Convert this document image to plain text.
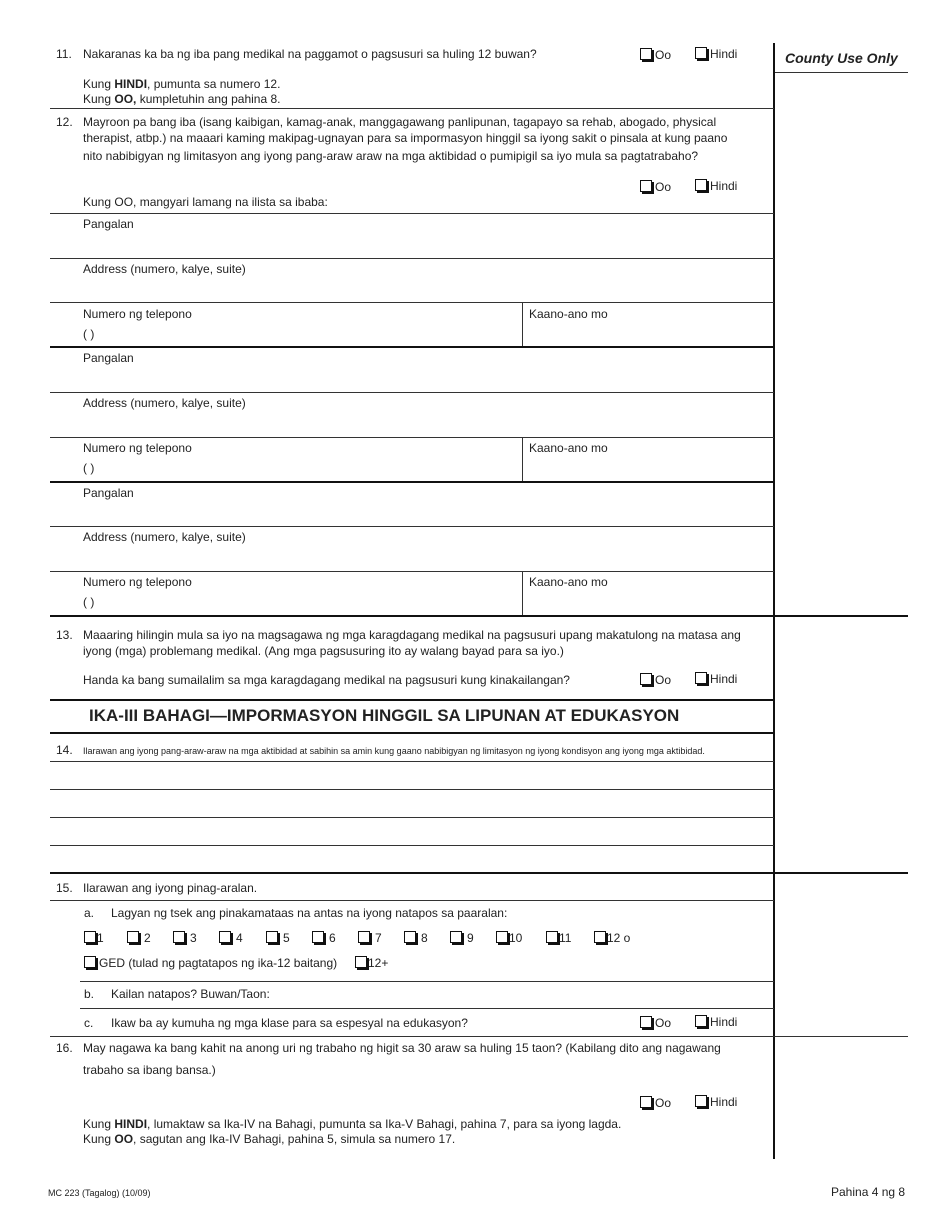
County Use Only
11. Nakaranas ka ba ng iba pang medikal na paggamot o pagsusuri sa huling 12 buwan?	Oo	Hindi
Kung HINDI, pumunta sa numero 12.
Kung OO, kumpletuhin ang pahina 8.
12. Mayroon pa bang iba (isang kaibigan, kamag-anak, manggagawang panlipunan, tagapayo sa rehab, abogado, physical therapist, atbp.) na maaari kaming makipag-ugnayan para sa impormasyon hinggil sa iyong sakit o pinsala at kung paano
nito nabibigyan ng limitasyon ang iyong pang-araw araw na mga aktibidad o pumipigil sa iyo mula sa pagtatrabaho?
Oo	Hindi
Kung OO, mangyari lamang na ilista sa ibaba:
Pangalan
Address (numero, kalye, suite)
Numero ng telepono
( )
Kaano-ano mo
Pangalan
Address (numero, kalye, suite)
Numero ng telepono
( )
Kaano-ano mo
Pangalan
Address (numero, kalye, suite)
Numero ng telepono
( )
Kaano-ano mo
13. Maaaring hilingin mula sa iyo na magsagawa ng mga karagdagang medikal na pagsusuri upang makatulong na matasa ang iyong (mga) problemang medikal. (Ang mga pagsusuring ito ay walang bayad para sa iyo.)
Handa ka bang sumailalim sa mga karagdagang medikal na pagsusuri kung kinakailangan?	Oo	Hindi
IKA-III BAHAGI—IMPORMASYON HINGGIL SA LIPUNAN AT EDUKASYON
14. Ilarawan ang iyong pang-araw-araw na mga aktibidad at sabihin sa amin kung gaano nabibigyan ng limitasyon ng iyong kondisyon ang iyong mga aktibidad.
15. Ilarawan ang iyong pinag-aralan.
a. Lagyan ng tsek ang pinakamataas na antas na iyong natapos sa paaralan:
1	2	3	4	5	6	7	8	9	10	11	12 o
GED (tulad ng pagtatapos ng ika-12 baitang)	12+
b. Kailan natapos? Buwan/Taon:
c. Ikaw ba ay kumuha ng mga klase para sa espesyal na edukasyon?	Oo	Hindi
16. May nagawa ka bang kahit na anong uri ng trabaho ng higit sa 30 araw sa huling 15 taon? (Kabilang dito ang nagawang
trabaho sa ibang bansa.)
Oo	Hindi
Kung HINDI, lumaktaw sa Ika-IV na Bahagi, pumunta sa Ika-V Bahagi, pahina 7, para sa iyong lagda.
Kung OO, sagutan ang Ika-IV Bahagi, pahina 5, simula sa numero 17.
MC 223 (Tagalog) (10/09)	Pahina 4 ng 8
